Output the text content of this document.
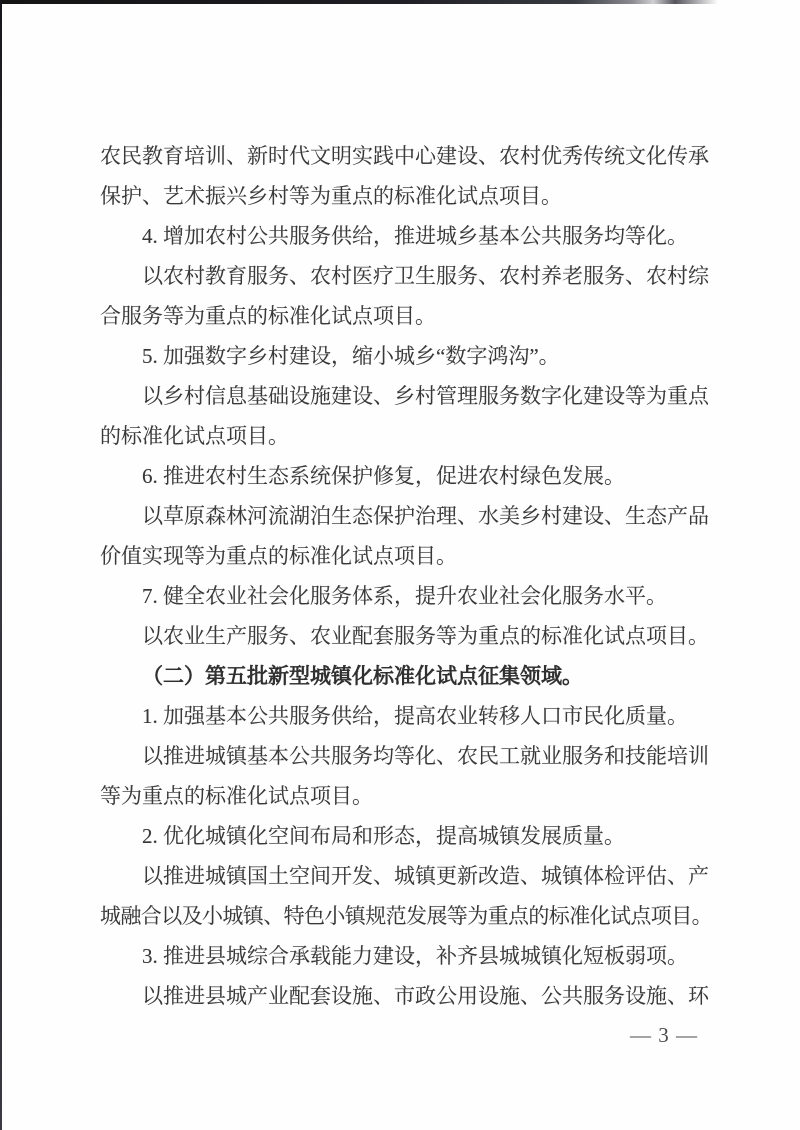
农民教育培训、新时代文明实践中心建设、农村优秀传统文化传承
保护、艺术振兴乡村等为重点的标准化试点项目。
4. 增加农村公共服务供给，推进城乡基本公共服务均等化。
以农村教育服务、农村医疗卫生服务、农村养老服务、农村综
合服务等为重点的标准化试点项目。
5. 加强数字乡村建设，缩小城乡“数字鸿沟”。
以乡村信息基础设施建设、乡村管理服务数字化建设等为重点
的标准化试点项目。
6. 推进农村生态系统保护修复，促进农村绿色发展。
以草原森林河流湖泊生态保护治理、水美乡村建设、生态产品
价值实现等为重点的标准化试点项目。
7. 健全农业社会化服务体系，提升农业社会化服务水平。
以农业生产服务、农业配套服务等为重点的标准化试点项目。
（二）第五批新型城镇化标准化试点征集领域。
1. 加强基本公共服务供给，提高农业转移人口市民化质量。
以推进城镇基本公共服务均等化、农民工就业服务和技能培训
等为重点的标准化试点项目。
2. 优化城镇化空间布局和形态，提高城镇发展质量。
以推进城镇国土空间开发、城镇更新改造、城镇体检评估、产
城融合以及小城镇、特色小镇规范发展等为重点的标准化试点项目。
3. 推进县城综合承载能力建设，补齐县城城镇化短板弱项。
以推进县城产业配套设施、市政公用设施、公共服务设施、环
— 3 —
